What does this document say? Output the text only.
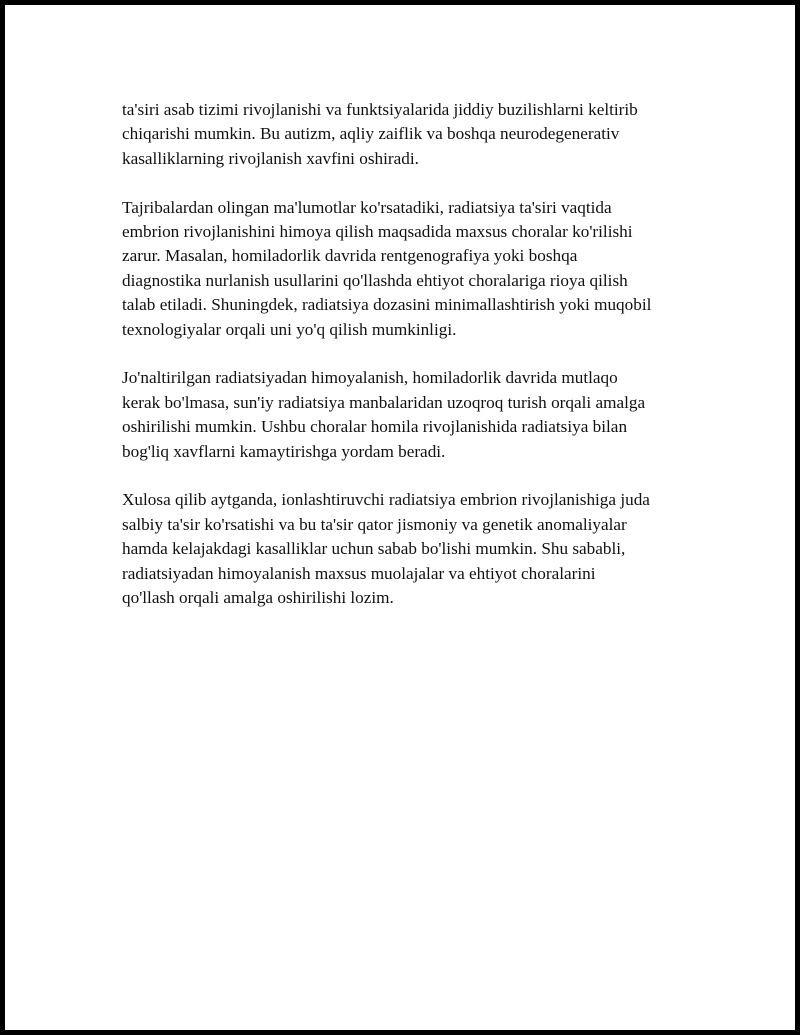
ta'siri asab tizimi rivojlanishi va funktsiyalarida jiddiy buzilishlarni keltirib
chiqarishi mumkin. Bu autizm, aqliy zaiflik va boshqa neurodegenerativ
kasalliklarning rivojlanish xavfini oshiradi.

Tajribalardan olingan ma'lumotlar ko'rsatadiki, radiatsiya ta'siri vaqtida
embrion rivojlanishini himoya qilish maqsadida maxsus choralar ko'rilishi
zarur. Masalan, homiladorlik davrida rentgenografiya yoki boshqa
diagnostika nurlanish usullarini qo'llashda ehtiyot choralariga rioya qilish
talab etiladi. Shuningdek, radiatsiya dozasini minimallashtirish yoki muqobil
texnologiyalar orqali uni yo'q qilish mumkinligi.

Jo'naltirilgan radiatsiyadan himoyalanish, homiladorlik davrida mutlaqo
kerak bo'lmasa, sun'iy radiatsiya manbalaridan uzoqroq turish orqali amalga
oshirilishi mumkin. Ushbu choralar homila rivojlanishida radiatsiya bilan
bog'liq xavflarni kamaytirishga yordam beradi.

Xulosa qilib aytganda, ionlashtiruvchi radiatsiya embrion rivojlanishiga juda
salbiy ta'sir ko'rsatishi va bu ta'sir qator jismoniy va genetik anomaliyalar
hamda kelajakdagi kasalliklar uchun sabab bo'lishi mumkin. Shu sababli,
radiatsiyadan himoyalanish maxsus muolajalar va ehtiyot choralarini
qo'llash orqali amalga oshirilishi lozim.
